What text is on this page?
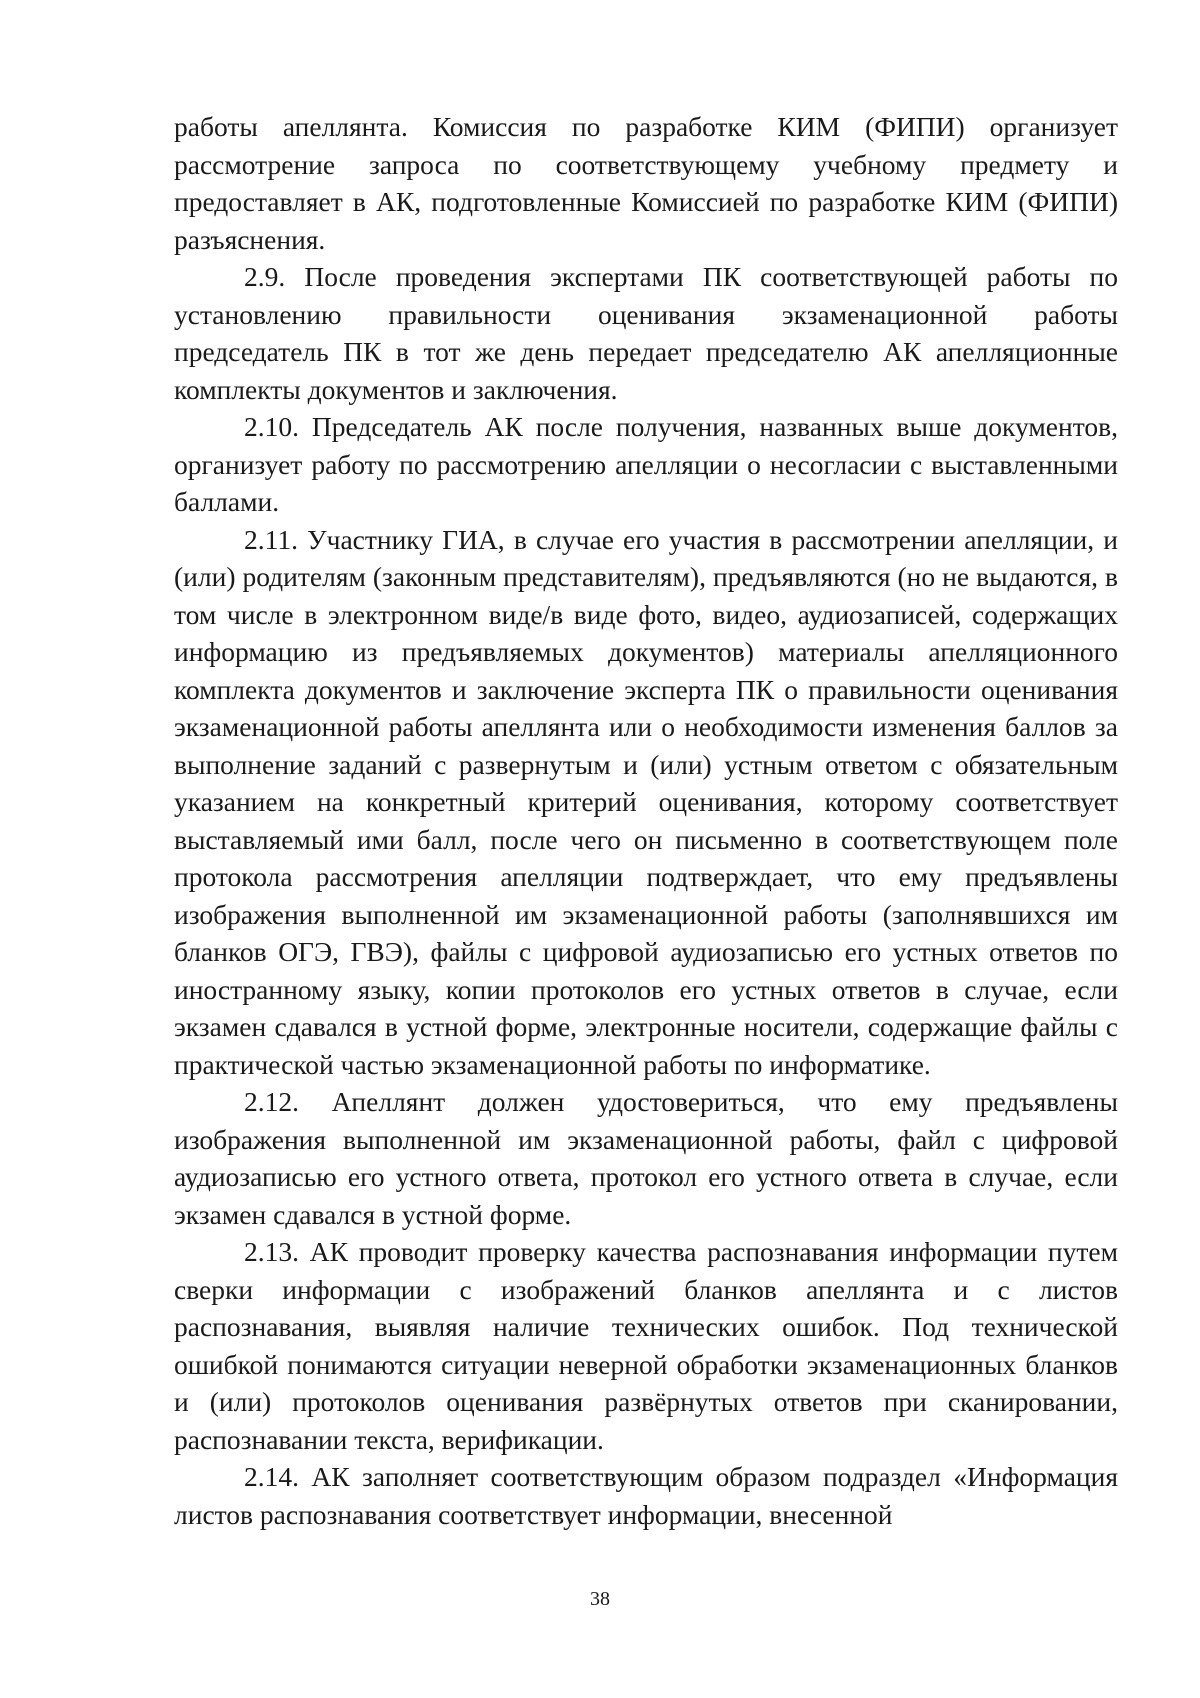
работы апеллянта. Комиссия по разработке КИМ (ФИПИ) организует рассмотрение запроса по соответствующему учебному предмету и предоставляет в АК, подготовленные Комиссией по разработке КИМ (ФИПИ) разъяснения.

2.9. После проведения экспертами ПК соответствующей работы по установлению правильности оценивания экзаменационной работы председатель ПК в тот же день передает председателю АК апелляционные комплекты документов и заключения.

2.10. Председатель АК после получения, названных выше документов, организует работу по рассмотрению апелляции о несогласии с выставленными баллами.

2.11. Участнику ГИА, в случае его участия в рассмотрении апелляции, и (или) родителям (законным представителям), предъявляются (но не выдаются, в том числе в электронном виде/в виде фото, видео, аудиозаписей, содержащих информацию из предъявляемых документов) материалы апелляционного комплекта документов и заключение эксперта ПК о правильности оценивания экзаменационной работы апеллянта или о необходимости изменения баллов за выполнение заданий с развернутым и (или) устным ответом с обязательным указанием на конкретный критерий оценивания, которому соответствует выставляемый ими балл, после чего он письменно в соответствующем поле протокола рассмотрения апелляции подтверждает, что ему предъявлены изображения выполненной им экзаменационной работы (заполнявшихся им бланков ОГЭ, ГВЭ), файлы с цифровой аудиозаписью его устных ответов по иностранному языку, копии протоколов его устных ответов в случае, если экзамен сдавался в устной форме, электронные носители, содержащие файлы с практической частью экзаменационной работы по информатике.

2.12. Апеллянт должен удостовериться, что ему предъявлены изображения выполненной им экзаменационной работы, файл с цифровой аудиозаписью его устного ответа, протокол его устного ответа в случае, если экзамен сдавался в устной форме.

2.13. АК проводит проверку качества распознавания информации путем сверки информации с изображений бланков апеллянта и с листов распознавания, выявляя наличие технических ошибок. Под технической ошибкой понимаются ситуации неверной обработки экзаменационных бланков и (или) протоколов оценивания развёрнутых ответов при сканировании, распознавании текста, верификации.

2.14. АК заполняет соответствующим образом подраздел «Информация листов распознавания соответствует информации, внесенной

38
